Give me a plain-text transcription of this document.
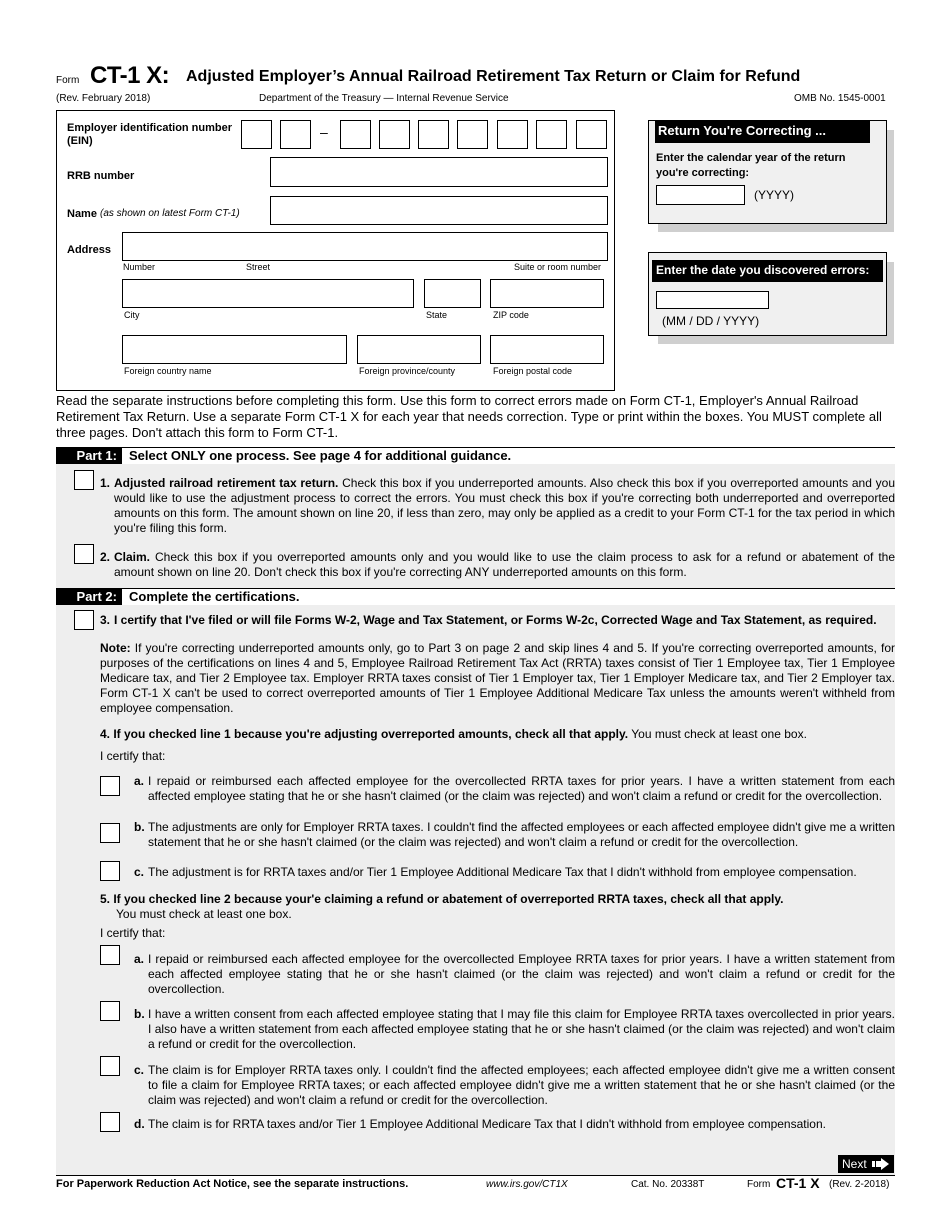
Form CT-1 X: Adjusted Employer’s Annual Railroad Retirement Tax Return or Claim for Refund
(Rev. February 2018)	Department of the Treasury — Internal Revenue Service	OMB No. 1545-0001
Employer identification number (EIN)
–
RRB number
Name (as shown on latest Form CT-1)
Address
Number	Street	Suite or room number
City	State	ZIP code
Foreign country name	Foreign province/county	Foreign postal code
Return You're Correcting ...
Enter the calendar year of the return you're correcting:
(YYYY)
Enter the date you discovered errors:
(MM / DD / YYYY)
Read the separate instructions before completing this form. Use this form to correct errors made on Form CT-1, Employer's Annual Railroad Retirement Tax Return. Use a separate Form CT-1 X for each year that needs correction. Type or print within the boxes. You MUST complete all three pages. Don't attach this form to Form CT-1.
Part 1: Select ONLY one process. See page 4 for additional guidance.
1. Adjusted railroad retirement tax return. Check this box if you underreported amounts. Also check this box if you overreported amounts and you would like to use the adjustment process to correct the errors. You must check this box if you're correcting both underreported and overreported amounts on this form. The amount shown on line 20, if less than zero, may only be applied as a credit to your Form CT-1 for the tax period in which you're filing this form.
2. Claim. Check this box if you overreported amounts only and you would like to use the claim process to ask for a refund or abatement of the amount shown on line 20. Don't check this box if you're correcting ANY underreported amounts on this form.
Part 2: Complete the certifications.
3. I certify that I've filed or will file Forms W-2, Wage and Tax Statement, or Forms W-2c, Corrected Wage and Tax Statement, as required.
Note: If you're correcting underreported amounts only, go to Part 3 on page 2 and skip lines 4 and 5. If you're correcting overreported amounts, for purposes of the certifications on lines 4 and 5, Employee Railroad Retirement Tax Act (RRTA) taxes consist of Tier 1 Employee tax, Tier 1 Employee Medicare tax, and Tier 2 Employee tax. Employer RRTA taxes consist of Tier 1 Employer tax, Tier 1 Employer Medicare tax, and Tier 2 Employer tax. Form CT-1 X can't be used to correct overreported amounts of Tier 1 Employee Additional Medicare Tax unless the amounts weren't withheld from employee compensation.
4. If you checked line 1 because you're adjusting overreported amounts, check all that apply. You must check at least one box.
I certify that:
a. I repaid or reimbursed each affected employee for the overcollected RRTA taxes for prior years. I have a written statement from each affected employee stating that he or she hasn't claimed (or the claim was rejected) and won't claim a refund or credit for the overcollection.
b. The adjustments are only for Employer RRTA taxes. I couldn't find the affected employees or each affected employee didn't give me a written statement that he or she hasn't claimed (or the claim was rejected) and won't claim a refund or credit for the overcollection.
c. The adjustment is for RRTA taxes and/or Tier 1 Employee Additional Medicare Tax that I didn't withhold from employee compensation.
5. If you checked line 2 because your'e claiming a refund or abatement of overreported RRTA taxes, check all that apply.
You must check at least one box.
I certify that:
a. I repaid or reimbursed each affected employee for the overcollected Employee RRTA taxes for prior years. I have a written statement from each affected employee stating that he or she hasn't claimed (or the claim was rejected) and won't claim a refund or credit for the overcollection.
b. I have a written consent from each affected employee stating that I may file this claim for Employee RRTA taxes overcollected in prior years. I also have a written statement from each affected employee stating that he or she hasn't claimed (or the claim was rejected) and won't claim a refund or credit for the overcollection.
c. The claim is for Employer RRTA taxes only. I couldn't find the affected employees; each affected employee didn't give me a written consent to file a claim for Employee RRTA taxes; or each affected employee didn't give me a written statement that he or she hasn't claimed (or the claim was rejected) and won't claim a refund or credit for the overcollection.
d. The claim is for RRTA taxes and/or Tier 1 Employee Additional Medicare Tax that I didn't withhold from employee compensation.
Next
For Paperwork Reduction Act Notice, see the separate instructions.	www.irs.gov/CT1X	Cat. No. 20338T	Form CT-1 X (Rev. 2-2018)
